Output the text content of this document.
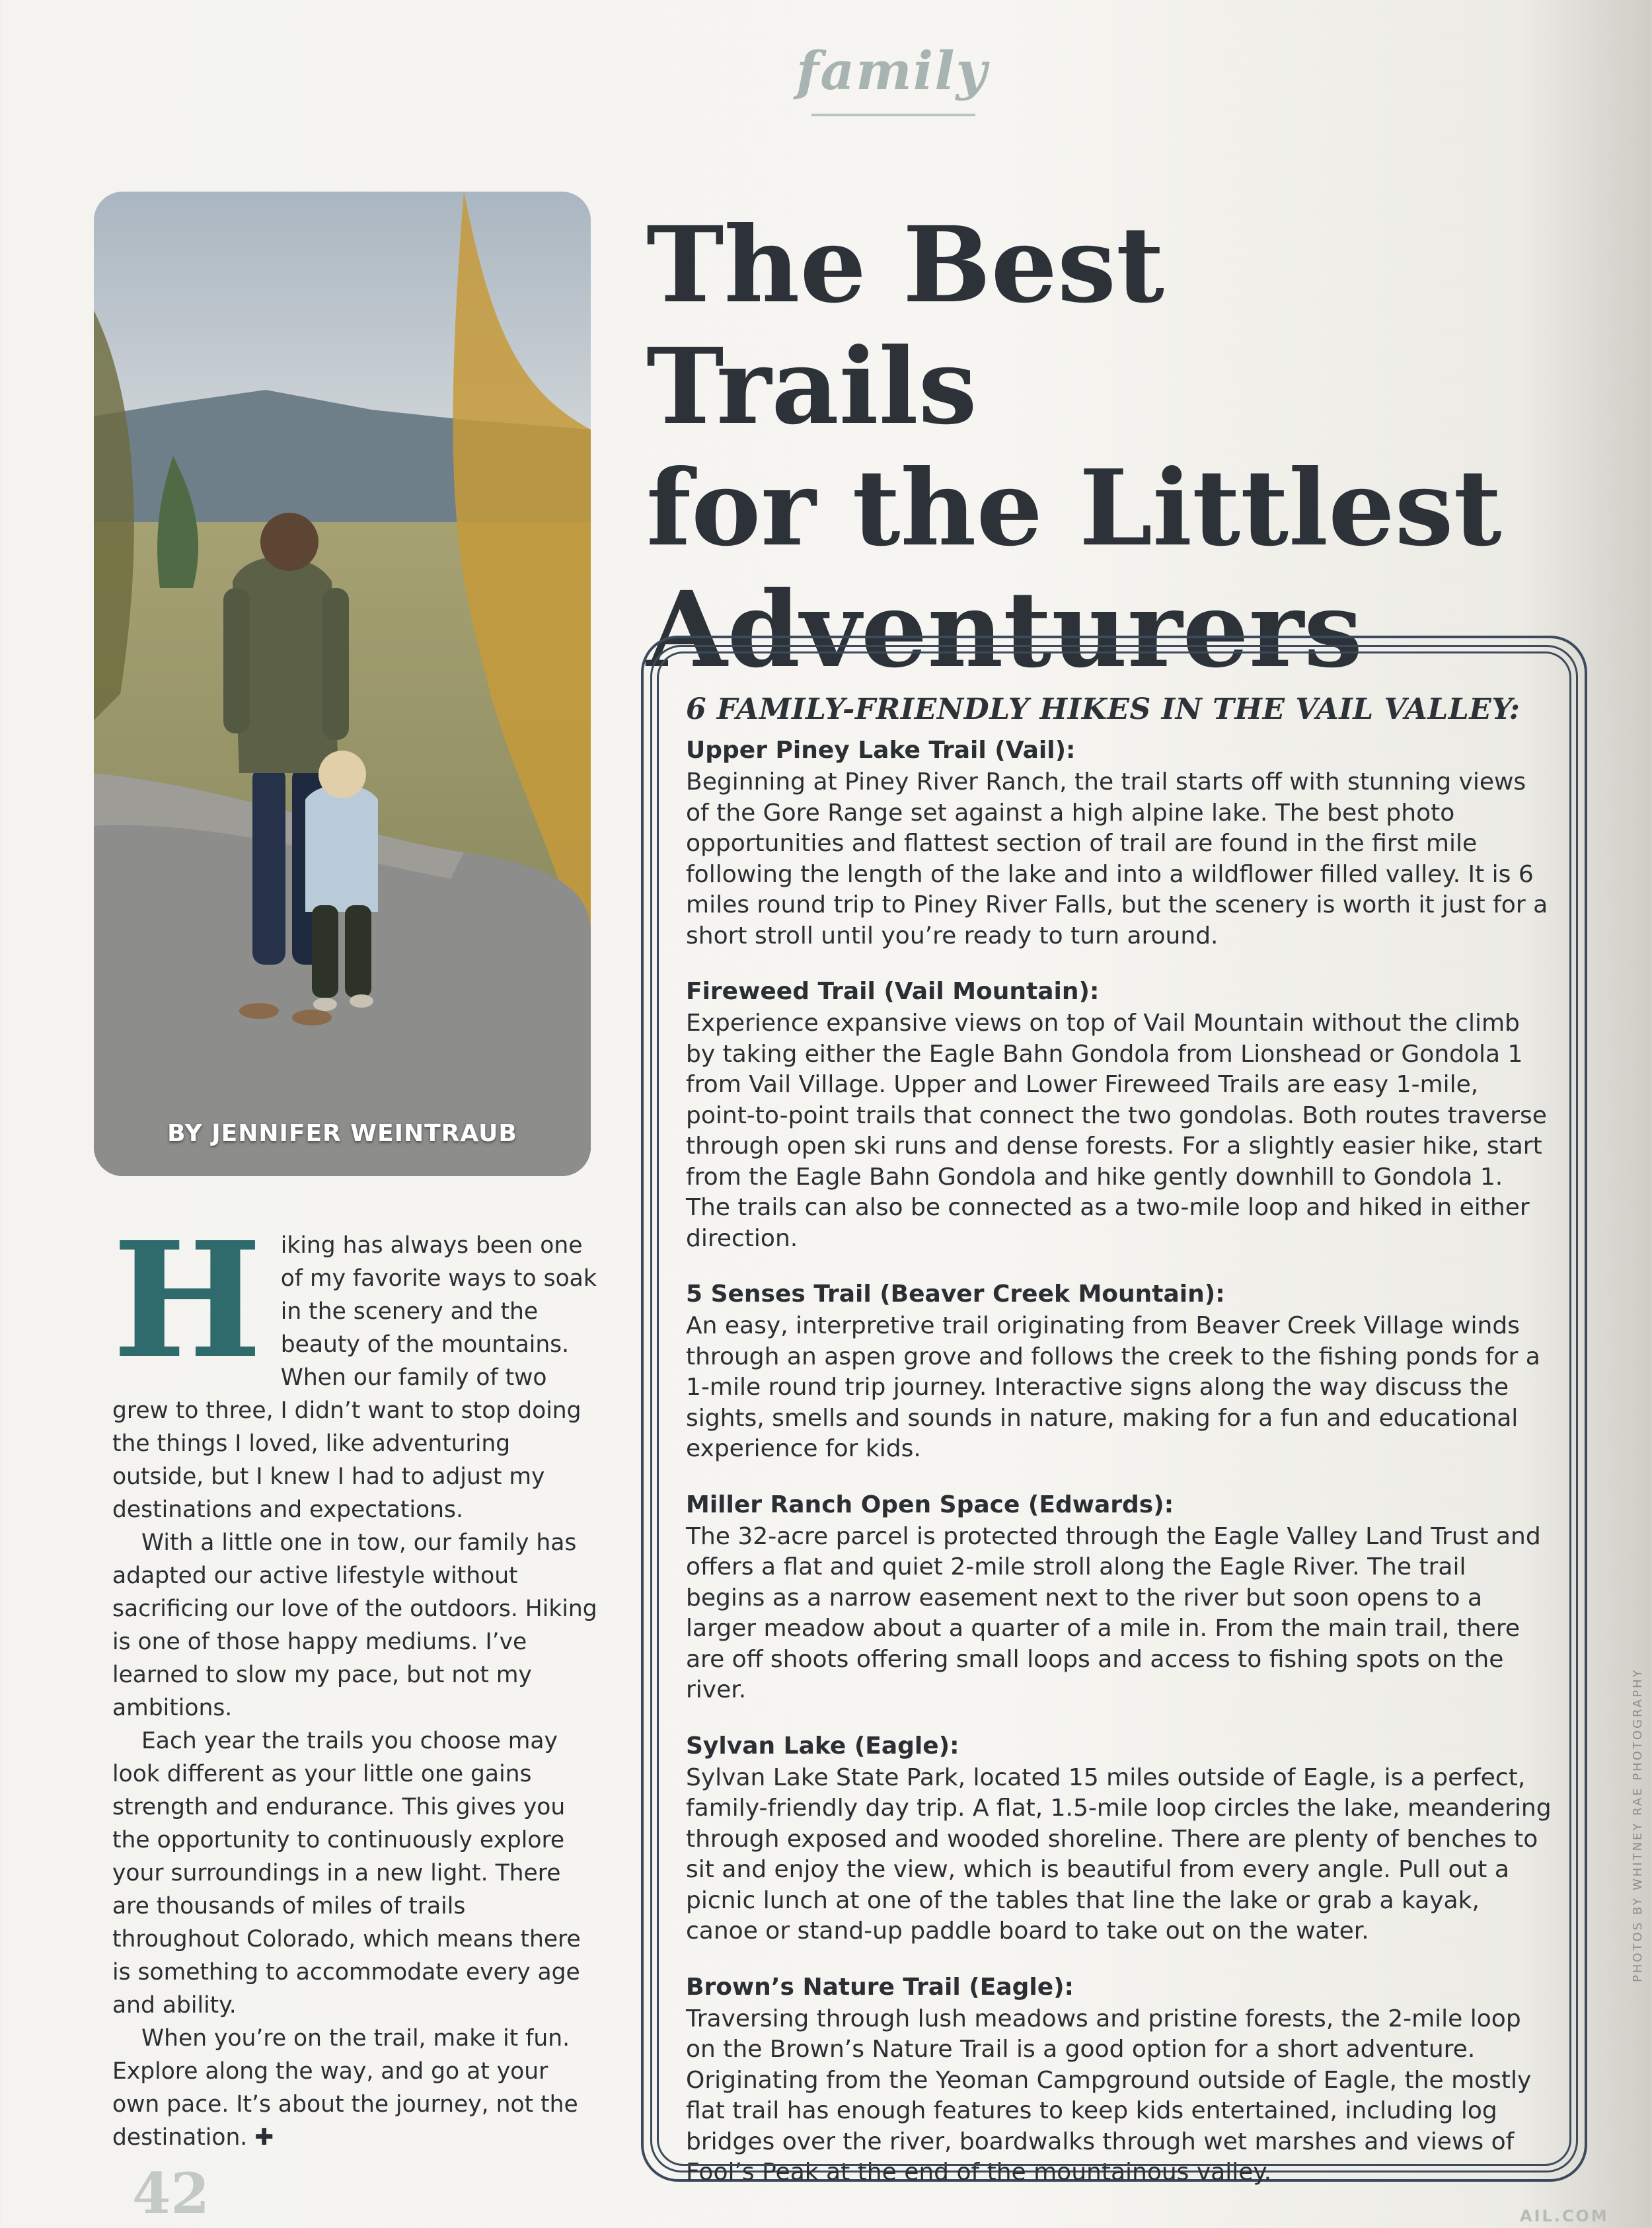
family
BY JENNIFER WEINTRAUB
The Best Trails
for the Littlest
Adventurers
6 FAMILY-FRIENDLY HIKES IN THE VAIL VALLEY:
Upper Piney Lake Trail (Vail):

Beginning at Piney River Ranch, the trail starts off with stunning views of the Gore Range set against a high alpine lake. The best photo opportunities and flattest section of trail are found in the first mile following the length of the lake and into a wildflower filled valley. It is 6 miles round trip to Piney River Falls, but the scenery is worth it just for a short stroll until you’re ready to turn around.

Fireweed Trail (Vail Mountain):

Experience expansive views on top of Vail Mountain without the climb by taking either the Eagle Bahn Gondola from Lionshead or Gondola 1 from Vail Village. Upper and Lower Fireweed Trails are easy 1-mile, point-to-point trails that connect the two gondolas. Both routes traverse through open ski runs and dense forests. For a slightly easier hike, start from the Eagle Bahn Gondola and hike gently downhill to Gondola 1. The trails can also be connected as a two-mile loop and hiked in either direction.

5 Senses Trail (Beaver Creek Mountain):

An easy, interpretive trail originating from Beaver Creek Village winds through an aspen grove and follows the creek to the fishing ponds for a 1-mile round trip journey. Interactive signs along the way discuss the sights, smells and sounds in nature, making for a fun and educational experience for kids.

Miller Ranch Open Space (Edwards):

The 32-acre parcel is protected through the Eagle Valley Land Trust and offers a flat and quiet 2-mile stroll along the Eagle River. The trail begins as a narrow easement next to the river but soon opens to a larger meadow about a quarter of a mile in. From the main trail, there are off shoots offering small loops and access to fishing spots on the river.

Sylvan Lake (Eagle):

Sylvan Lake State Park, located 15 miles outside of Eagle, is a perfect, family-friendly day trip. A flat, 1.5-mile loop circles the lake, meandering through exposed and wooded shoreline. There are plenty of benches to sit and enjoy the view, which is beautiful from every angle. Pull out a picnic lunch at one of the tables that line the lake or grab a kayak, canoe or stand-up paddle board to take out on the water.

Brown’s Nature Trail (Eagle):

Traversing through lush meadows and pristine forests, the 2-mile loop on the Brown’s Nature Trail is a good option for a short adventure. Originating from the Yeoman Campground outside of Eagle, the mostly flat trail has enough features to keep kids entertained, including log bridges over the river, boardwalks through wet marshes and views of Fool’s Peak at the end of the mountainous valley.

H iking has always been one of my favorite ways to soak in the scenery and the beauty of the mountains. When our family of two grew to three, I didn’t want to stop doing the things I loved, like adventuring outside, but I knew I had to adjust my destinations and expectations.

With a little one in tow, our family has adapted our active lifestyle without sacrificing our love of the outdoors. Hiking is one of those happy mediums. I’ve learned to slow my pace, but not my ambitions.

Each year the trails you choose may look different as your little one gains strength and endurance. This gives you the opportunity to continuously explore your surroundings in a new light. There are thousands of miles of trails throughout Colorado, which means there is something to accommodate every age and ability.

When you’re on the trail, make it fun. Explore along the way, and go at your own pace. It’s about the journey, not the destination. ✚

42
PHOTOS BY WHITNEY RAE PHOTOGRAPHY
AIL.COM
